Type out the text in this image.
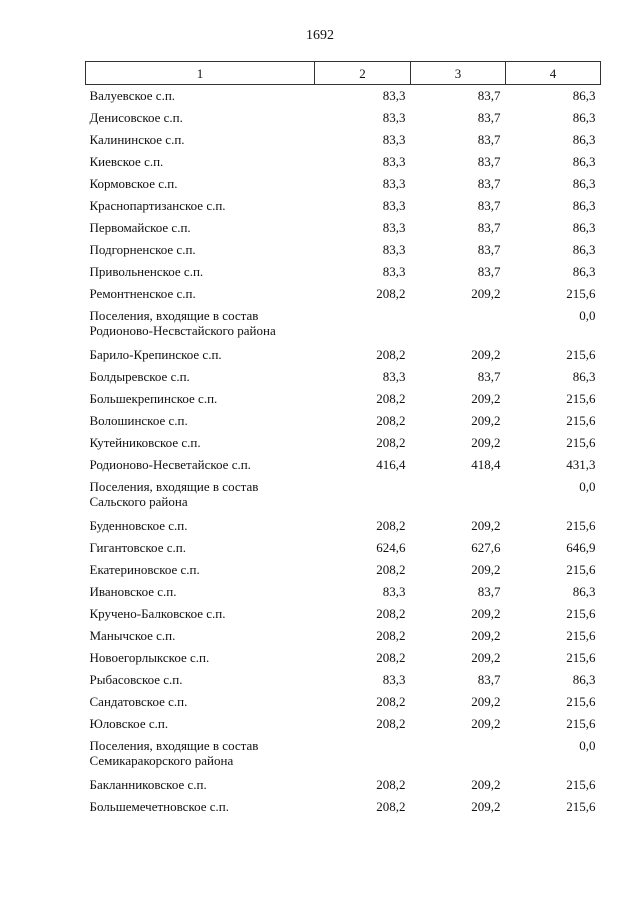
1692
1	2	3	4
Валуевское с.п.	83,3	83,7	86,3
Денисовское с.п.	83,3	83,7	86,3
Калининское с.п.	83,3	83,7	86,3
Киевское с.п.	83,3	83,7	86,3
Кормовское с.п.	83,3	83,7	86,3
Краснопартизанское с.п.	83,3	83,7	86,3
Первомайское с.п.	83,3	83,7	86,3
Подгорненское с.п.	83,3	83,7	86,3
Привольненское с.п.	83,3	83,7	86,3
Ремонтненское с.п.	208,2	209,2	215,6
Поселения, входящие в состав Родионово-Несвстайского района			0,0
Барило-Крепинское с.п.	208,2	209,2	215,6
Болдыревское с.п.	83,3	83,7	86,3
Большекрепинское с.п.	208,2	209,2	215,6
Волошинское с.п.	208,2	209,2	215,6
Кутейниковское с.п.	208,2	209,2	215,6
Родионово-Несветайское с.п.	416,4	418,4	431,3
Поселения, входящие в состав Сальского района			0,0
Буденновское с.п.	208,2	209,2	215,6
Гигантовское с.п.	624,6	627,6	646,9
Екатериновское с.п.	208,2	209,2	215,6
Ивановское с.п.	83,3	83,7	86,3
Кручено-Балковское с.п.	208,2	209,2	215,6
Манычское с.п.	208,2	209,2	215,6
Новоегорлыкское с.п.	208,2	209,2	215,6
Рыбасовское с.п.	83,3	83,7	86,3
Сандатовское с.п.	208,2	209,2	215,6
Юловское с.п.	208,2	209,2	215,6
Поселения, входящие в состав Семикаракорского района			0,0
Бакланниковское с.п.	208,2	209,2	215,6
Большемечетновское с.п.	208,2	209,2	215,6
